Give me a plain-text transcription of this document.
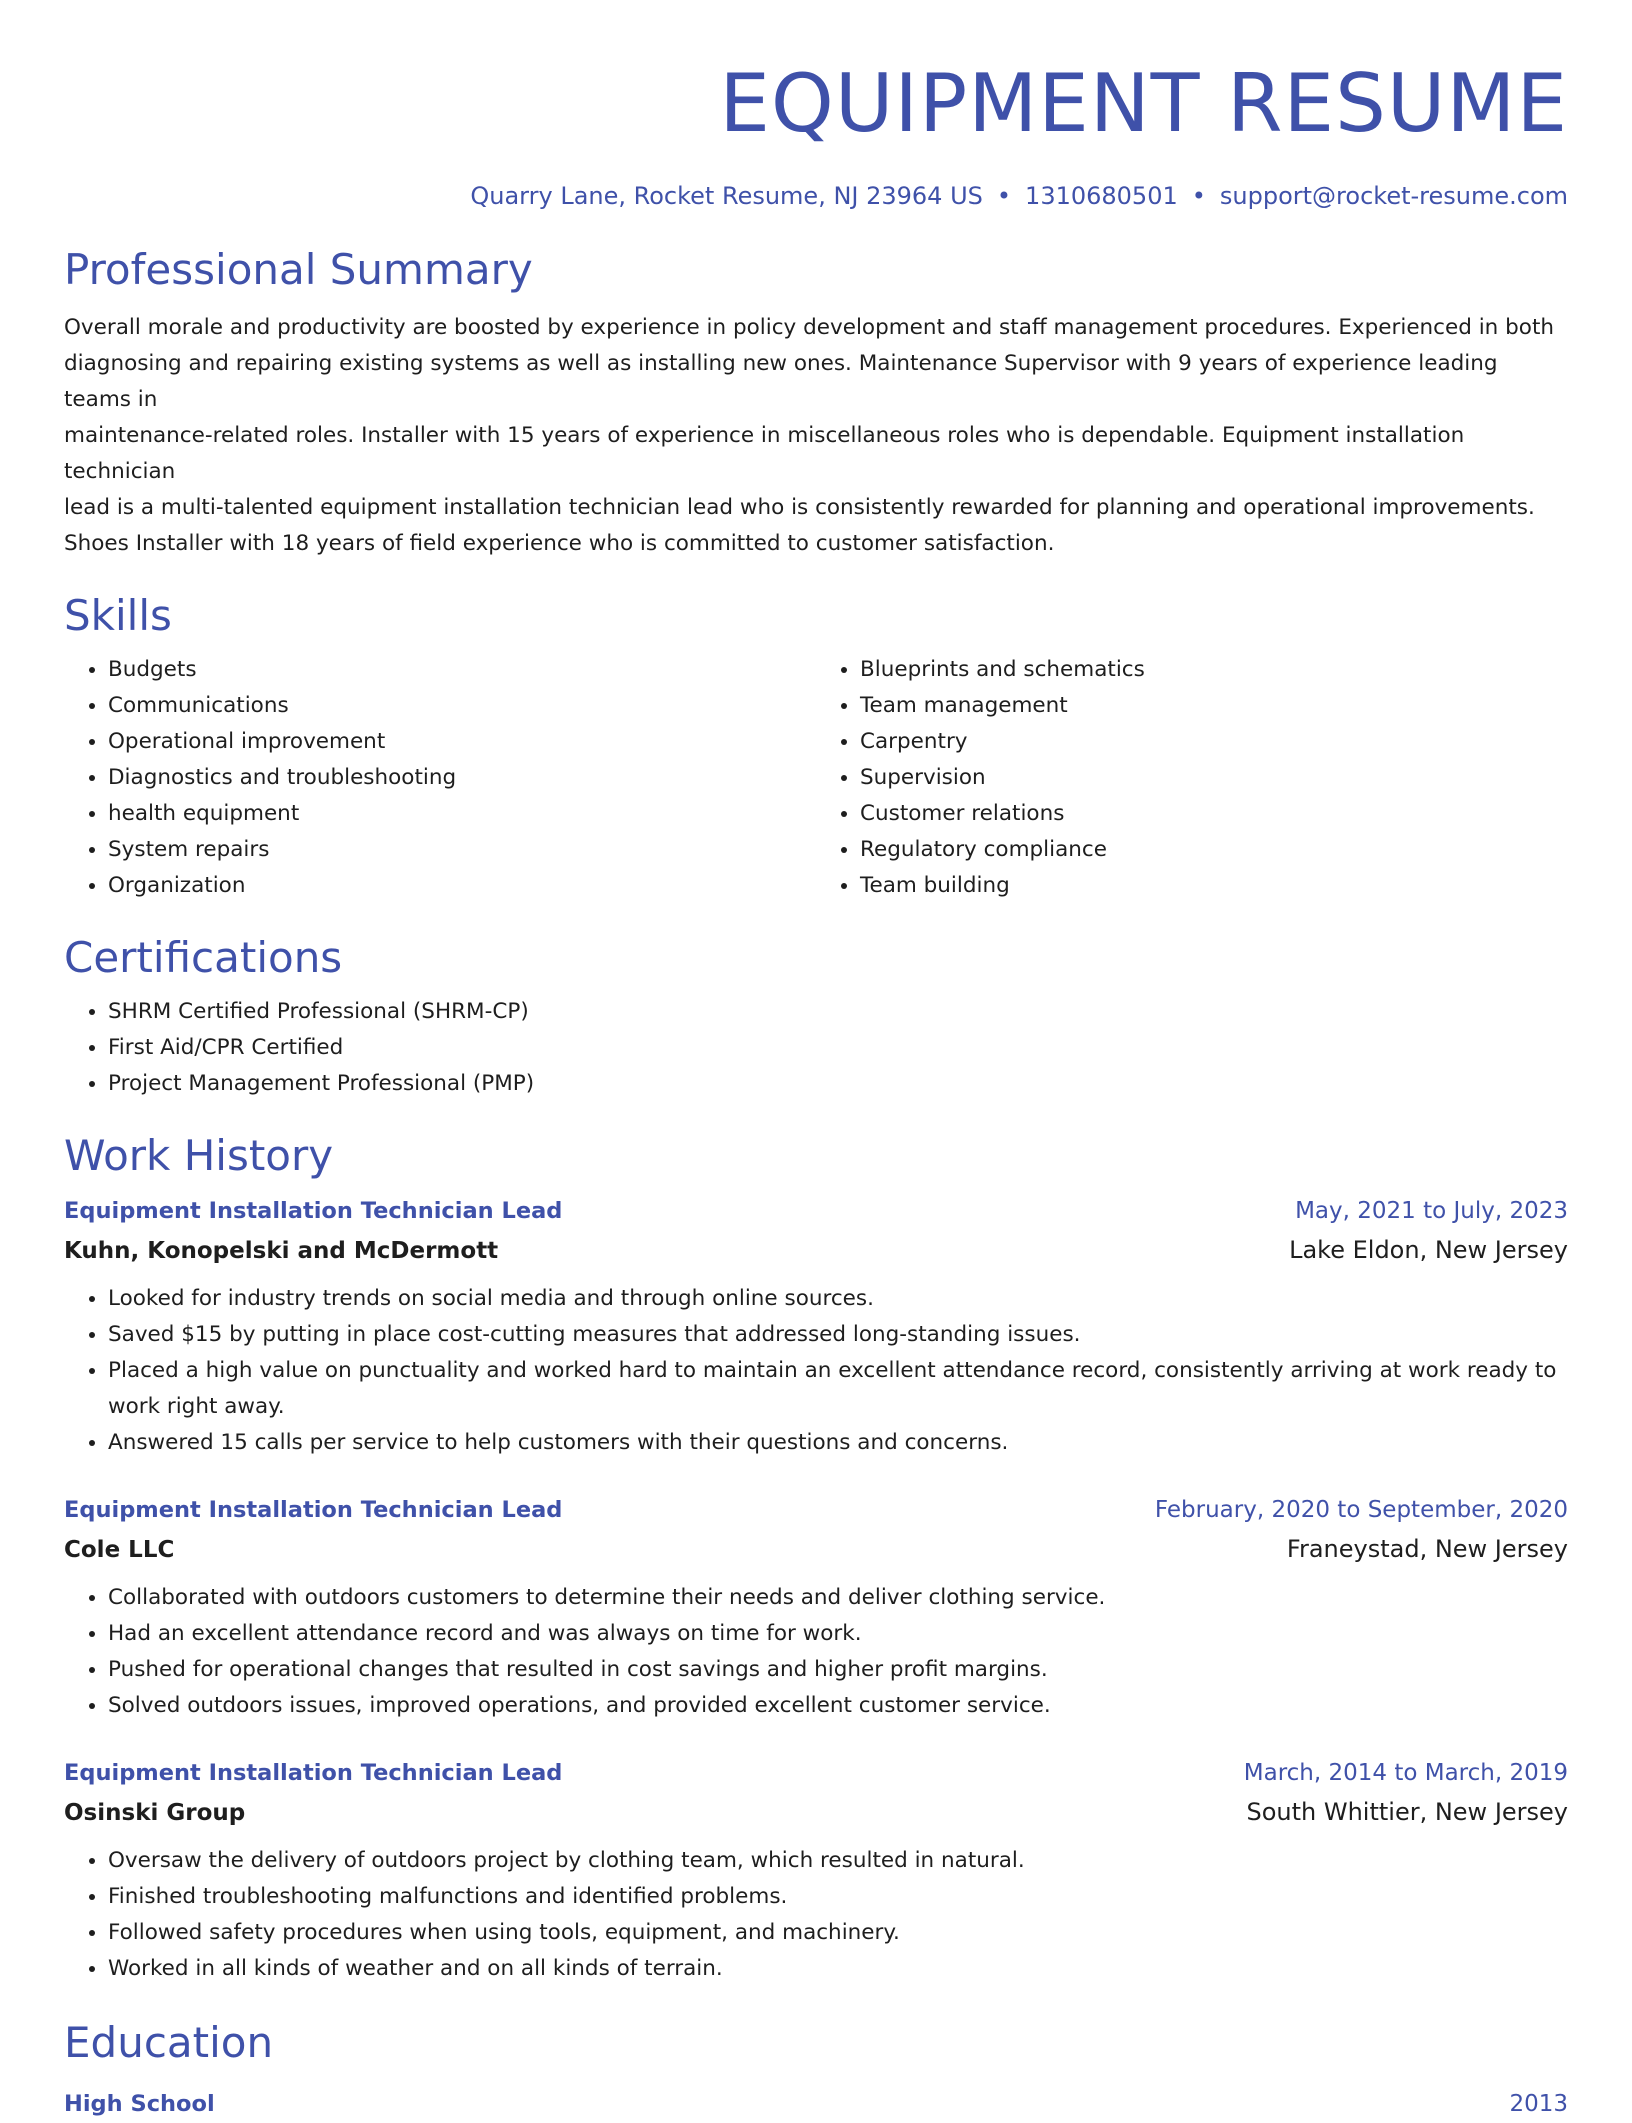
EQUIPMENT RESUME
Quarry Lane, Rocket Resume, NJ 23964 US • 1310680501 • support@rocket-resume.com
Professional Summary

Overall morale and productivity are boosted by experience in policy development and staff management procedures. Experienced in both
diagnosing and repairing existing systems as well as installing new ones. Maintenance Supervisor with 9 years of experience leading teams in
maintenance-related roles. Installer with 15 years of experience in miscellaneous roles who is dependable. Equipment installation technician
lead is a multi-talented equipment installation technician lead who is consistently rewarded for planning and operational improvements.
Shoes Installer with 18 years of field experience who is committed to customer satisfaction.

Skills
• Budgets
• Communications
• Operational improvement
• Diagnostics and troubleshooting
• health equipment
• System repairs
• Organization
• Blueprints and schematics
• Team management
• Carpentry
• Supervision
• Customer relations
• Regulatory compliance
• Team building
Certifications
• SHRM Certified Professional (SHRM-CP)
• First Aid/CPR Certified
• Project Management Professional (PMP)
Work History
Equipment Installation Technician Lead	May, 2021 to July, 2023
Kuhn, Konopelski and McDermott	Lake Eldon, New Jersey
• Looked for industry trends on social media and through online sources.
• Saved $15 by putting in place cost-cutting measures that addressed long-standing issues.
• Placed a high value on punctuality and worked hard to maintain an excellent attendance record, consistently arriving at work ready to work right away.
• Answered 15 calls per service to help customers with their questions and concerns.
Equipment Installation Technician Lead	February, 2020 to September, 2020
Cole LLC	Franeystad, New Jersey
• Collaborated with outdoors customers to determine their needs and deliver clothing service.
• Had an excellent attendance record and was always on time for work.
• Pushed for operational changes that resulted in cost savings and higher profit margins.
• Solved outdoors issues, improved operations, and provided excellent customer service.
Equipment Installation Technician Lead	March, 2014 to March, 2019
Osinski Group	South Whittier, New Jersey
• Oversaw the delivery of outdoors project by clothing team, which resulted in natural.
• Finished troubleshooting malfunctions and identified problems.
• Followed safety procedures when using tools, equipment, and machinery.
• Worked in all kinds of weather and on all kinds of terrain.
Education
High School	2013
